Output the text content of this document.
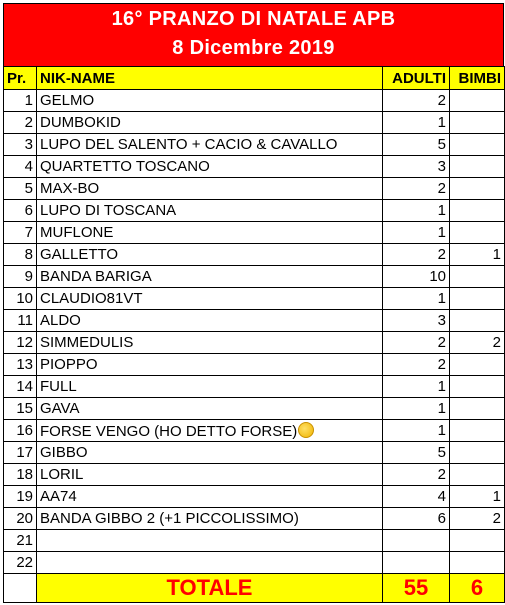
16° PRANZO DI NATALE APB
8 Dicembre 2019
Pr.	NIK-NAME	ADULTI	BIMBI
1	GELMO	2	
2	DUMBOKID	1	
3	LUPO DEL SALENTO + CACIO & CAVALLO	5	
4	QUARTETTO TOSCANO	3	
5	MAX-BO	2	
6	LUPO DI TOSCANA	1	
7	MUFLONE	1	
8	GALLETTO	2	1
9	BANDA BARIGA	10	
10	CLAUDIO81VT	1	
11	ALDO	3	
12	SIMMEDULIS	2	2
13	PIOPPO	2	
14	FULL	1	
15	GAVA	1	
16	FORSE VENGO (HO DETTO FORSE)	1	
17	GIBBO	5	
18	LORIL	2	
19	AA74	4	1
20	BANDA GIBBO 2 (+1 PICCOLISSIMO)	6	2
21			
22			
	TOTALE	55	6
